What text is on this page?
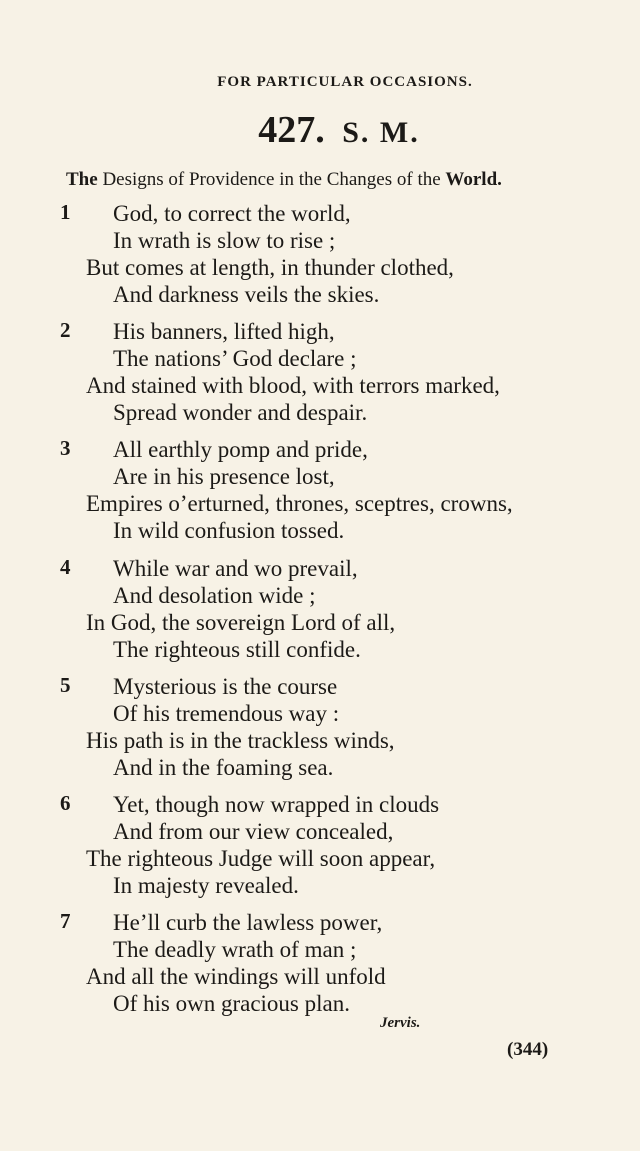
FOR PARTICULAR OCCASIONS.
427. S. M.
The Designs of Providence in the Changes of the World.
1 God, to correct the world,
In wrath is slow to rise ;
But comes at length, in thunder clothed,
And darkness veils the skies.
2 His banners, lifted high,
The nations’ God declare ;
And stained with blood, with terrors marked,
Spread wonder and despair.
3 All earthly pomp and pride,
Are in his presence lost,
Empires o’erturned, thrones, sceptres, crowns,
In wild confusion tossed.
4 While war and wo prevail,
And desolation wide ;
In God, the sovereign Lord of all,
The righteous still confide.
5 Mysterious is the course
Of his tremendous way :
His path is in the trackless winds,
And in the foaming sea.
6 Yet, though now wrapped in clouds
And from our view concealed,
The righteous Judge will soon appear,
In majesty revealed.
7 He’ll curb the lawless power,
The deadly wrath of man ;
And all the windings will unfold
Of his own gracious plan.
Jervis.
(344)
